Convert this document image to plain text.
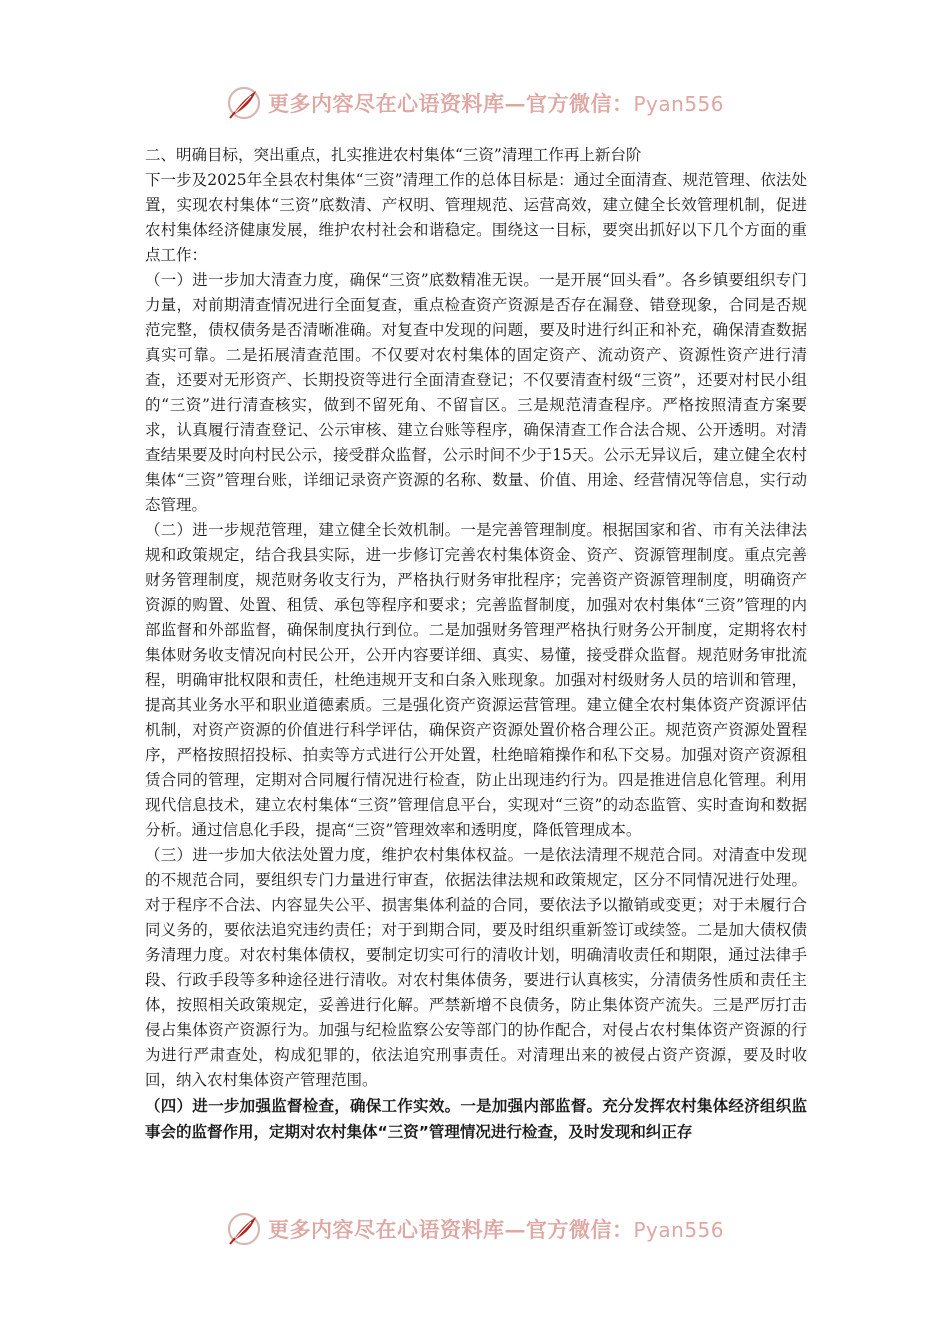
更多内容尽在心语资料库—官方微信：Pyan556

二、明确目标，突出重点，扎实推进农村集体“三资”清理工作再上新台阶

下一步及2025年全县农村集体“三资”清理工作的总体目标是：通过全面清查、规范管理、依法处置，实现农村集体“三资”底数清、产权明、管理规范、运营高效，建立健全长效管理机制，促进农村集体经济健康发展，维护农村社会和谐稳定。围绕这一目标，要突出抓好以下几个方面的重点工作：

（一）进一步加大清查力度，确保“三资”底数精准无误。一是开展“回头看”。各乡镇要组织专门力量，对前期清查情况进行全面复查，重点检查资产资源是否存在漏登、错登现象，合同是否规范完整，债权债务是否清晰准确。对复查中发现的问题，要及时进行纠正和补充，确保清查数据真实可靠。二是拓展清查范围。不仅要对农村集体的固定资产、流动资产、资源性资产进行清查，还要对无形资产、长期投资等进行全面清查登记；不仅要清查村级“三资”，还要对村民小组的“三资”进行清查核实，做到不留死角、不留盲区。三是规范清查程序。严格按照清查方案要求，认真履行清查登记、公示审核、建立台账等程序，确保清查工作合法合规、公开透明。对清查结果要及时向村民公示，接受群众监督，公示时间不少于15天。公示无异议后，建立健全农村集体“三资”管理台账，详细记录资产资源的名称、数量、价值、用途、经营情况等信息，实行动态管理。

（二）进一步规范管理，建立健全长效机制。一是完善管理制度。根据国家和省、市有关法律法规和政策规定，结合我县实际，进一步修订完善农村集体资金、资产、资源管理制度。重点完善财务管理制度，规范财务收支行为，严格执行财务审批程序；完善资产资源管理制度，明确资产资源的购置、处置、租赁、承包等程序和要求；完善监督制度，加强对农村集体“三资”管理的内部监督和外部监督，确保制度执行到位。二是加强财务管理严格执行财务公开制度，定期将农村集体财务收支情况向村民公开，公开内容要详细、真实、易懂，接受群众监督。规范财务审批流程，明确审批权限和责任，杜绝违规开支和白条入账现象。加强对村级财务人员的培训和管理，提高其业务水平和职业道德素质。三是强化资产资源运营管理。建立健全农村集体资产资源评估机制，对资产资源的价值进行科学评估，确保资产资源处置价格合理公正。规范资产资源处置程序，严格按照招投标、拍卖等方式进行公开处置，杜绝暗箱操作和私下交易。加强对资产资源租赁合同的管理，定期对合同履行情况进行检查，防止出现违约行为。四是推进信息化管理。利用现代信息技术，建立农村集体“三资”管理信息平台，实现对“三资”的动态监管、实时查询和数据分析。通过信息化手段，提高“三资”管理效率和透明度，降低管理成本。

（三）进一步加大依法处置力度，维护农村集体权益。一是依法清理不规范合同。对清查中发现的不规范合同，要组织专门力量进行审查，依据法律法规和政策规定，区分不同情况进行处理。对于程序不合法、内容显失公平、损害集体利益的合同，要依法予以撤销或变更；对于未履行合同义务的，要依法追究违约责任；对于到期合同，要及时组织重新签订或续签。二是加大债权债务清理力度。对农村集体债权，要制定切实可行的清收计划，明确清收责任和期限，通过法律手段、行政手段等多种途径进行清收。对农村集体债务，要进行认真核实，分清债务性质和责任主体，按照相关政策规定，妥善进行化解。严禁新增不良债务，防止集体资产流失。三是严厉打击侵占集体资产资源行为。加强与纪检监察公安等部门的协作配合，对侵占农村集体资产资源的行为进行严肃查处，构成犯罪的，依法追究刑事责任。对清理出来的被侵占资产资源，要及时收回，纳入农村集体资产管理范围。

（四）进一步加强监督检查，确保工作实效。一是加强内部监督。充分发挥农村集体经济组织监事会的监督作用，定期对农村集体“三资”管理情况进行检查，及时发现和纠正存

更多内容尽在心语资料库—官方微信：Pyan556
